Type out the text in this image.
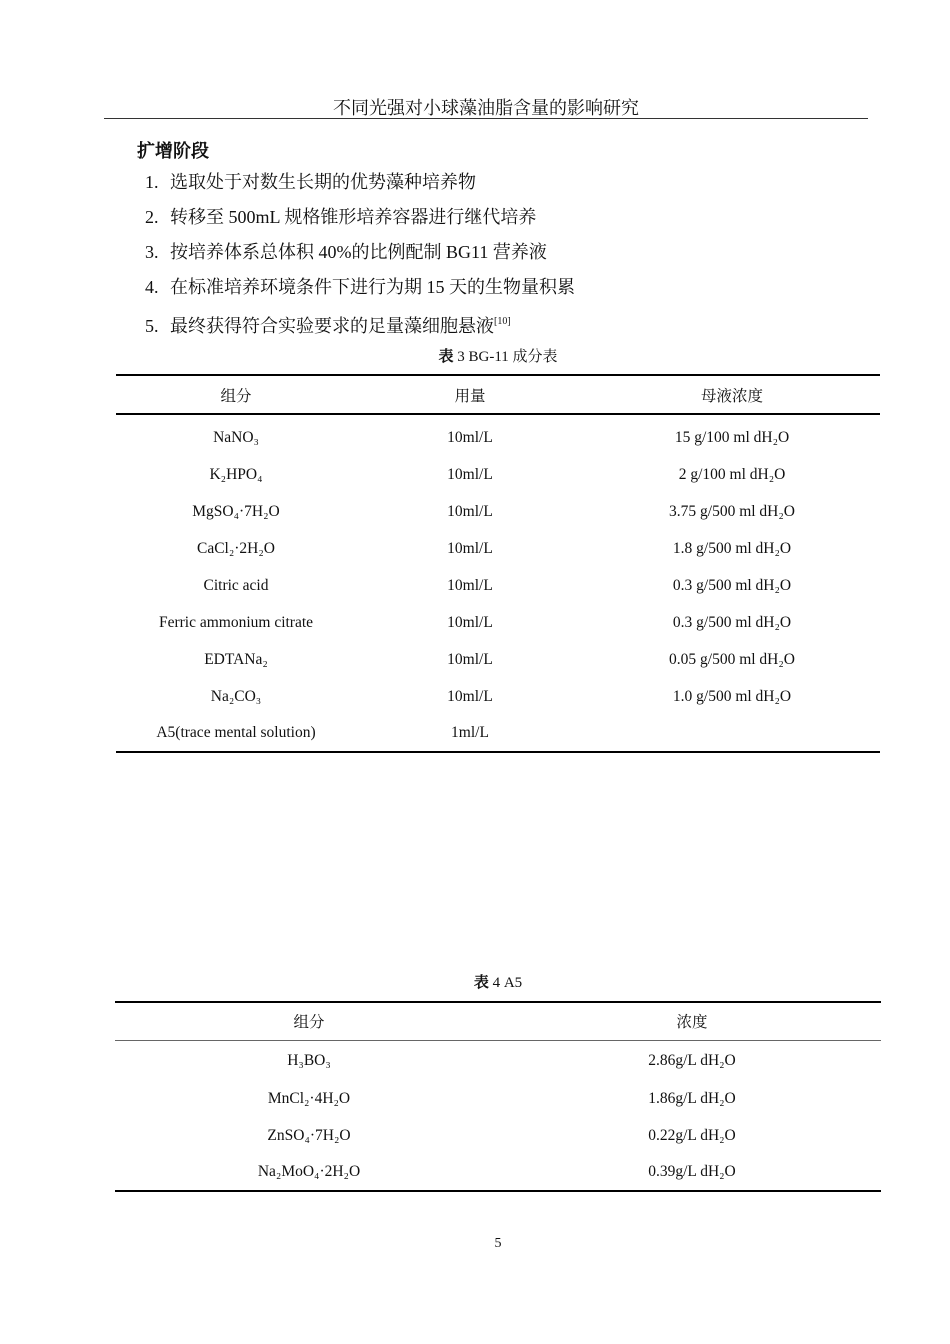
不同光强对小球藻油脂含量的影响研究
扩增阶段
1. 选取处于对数生长期的优势藻种培养物
2. 转移至 500mL 规格锥形培养容器进行继代培养
3. 按培养体系总体积 40%的比例配制 BG11 营养液
4. 在标准培养环境条件下进行为期 15 天的生物量积累
5. 最终获得符合实验要求的足量藻细胞悬液[10]
表 3 BG-11 成分表
组分	用量	母液浓度
NaNO₃	10ml/L	15 g/100 ml dH₂O
K₂HPO₄	10ml/L	2 g/100 ml dH₂O
MgSO₄·7H₂O	10ml/L	3.75 g/500 ml dH₂O
CaCl₂·2H₂O	10ml/L	1.8 g/500 ml dH₂O
Citric acid	10ml/L	0.3 g/500 ml dH₂O
Ferric ammonium citrate	10ml/L	0.3 g/500 ml dH₂O
EDTANa₂	10ml/L	0.05 g/500 ml dH₂O
Na₂CO₃	10ml/L	1.0 g/500 ml dH₂O
A5(trace mental solution)	1ml/L	
表 4 A5
组分	浓度
H₃BO₃	2.86g/L dH₂O
MnCl₂·4H₂O	1.86g/L dH₂O
ZnSO₄·7H₂O	0.22g/L dH₂O
Na₂MoO₄·2H₂O	0.39g/L dH₂O
5
